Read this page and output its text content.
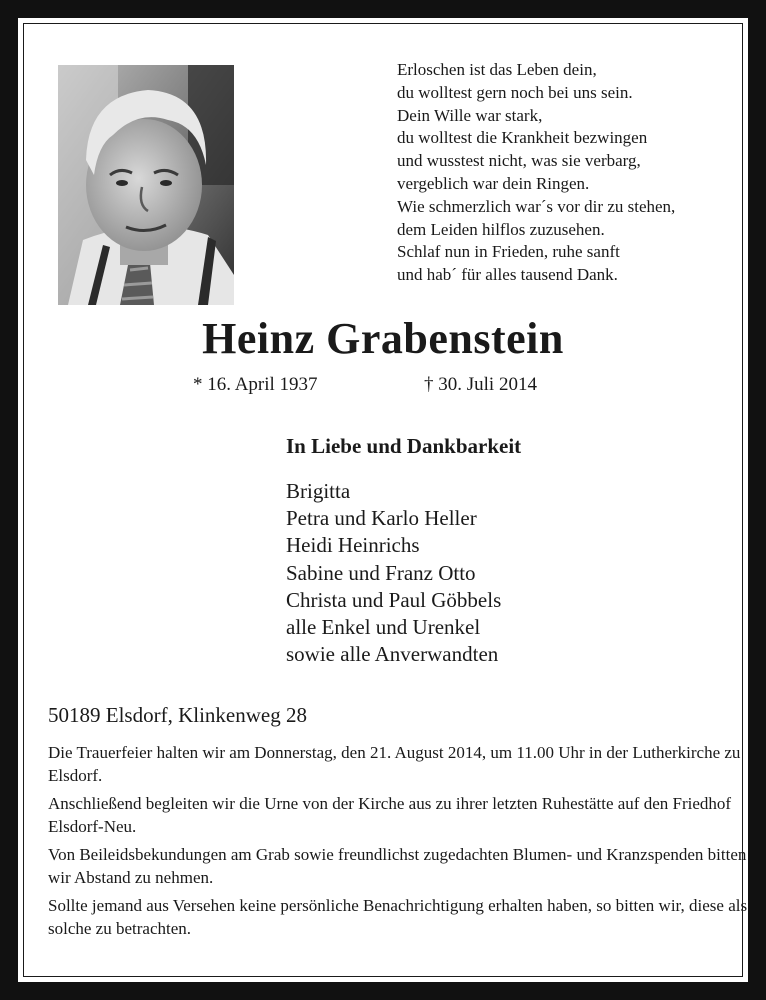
Erloschen ist das Leben dein,
du wolltest gern noch bei uns sein.
Dein Wille war stark,
du wolltest die Krankheit bezwingen
und wusstest nicht, was sie verbarg,
vergeblich war dein Ringen.
Wie schmerzlich war´s vor dir zu stehen,
dem Leiden hilflos zuzusehen.
Schlaf nun in Frieden, ruhe sanft
und hab´ für alles tausend Dank.
Heinz Grabenstein
* 16. April 1937	† 30. Juli 2014
In Liebe und Dankbarkeit
Brigitta
Petra und Karlo Heller
Heidi Heinrichs
Sabine und Franz Otto
Christa und Paul Göbbels
alle Enkel und Urenkel
sowie alle Anverwandten
50189 Elsdorf, Klinkenweg 28

Die Trauerfeier halten wir am Donnerstag, den 21. August 2014, um 11.00 Uhr in der Lutherkirche zu Elsdorf.

Anschließend begleiten wir die Urne von der Kirche aus zu ihrer letzten Ruhestätte auf den Friedhof Elsdorf-Neu.

Von Beileidsbekundungen am Grab sowie freundlichst zugedachten Blumen- und Kranzspenden bitten wir Abstand zu nehmen.

Sollte jemand aus Versehen keine persönliche Benachrichtigung erhalten haben, so bitten wir, diese als solche zu betrachten.
